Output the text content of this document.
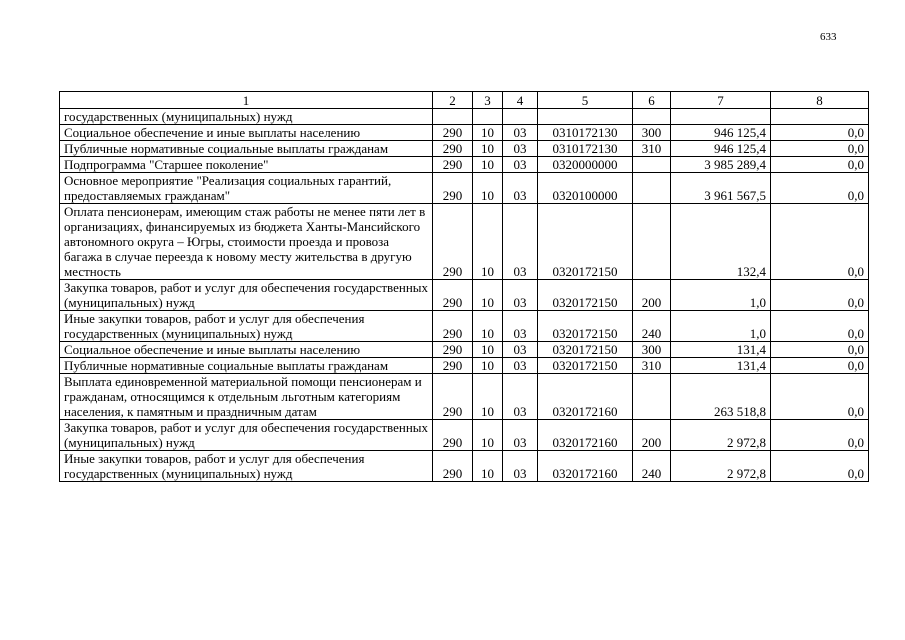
633
1	2	3	4	5	6	7	8
государственных (муниципальных) нужд							
Социальное обеспечение и иные выплаты населению	290	10	03	0310172130	300	946 125,4	0,0
Публичные нормативные социальные выплаты гражданам	290	10	03	0310172130	310	946 125,4	0,0
Подпрограмма "Старшее поколение"	290	10	03	0320000000		3 985 289,4	0,0
Основное мероприятие "Реализация социальных гарантий, предоставляемых гражданам"	290	10	03	0320100000		3 961 567,5	0,0
Оплата пенсионерам, имеющим стаж работы не менее пяти лет в организациях, финансируемых из бюджета Ханты-Мансийского автономного округа – Югры, стоимости проезда и провоза багажа в случае переезда к новому месту жительства в другую местность	290	10	03	0320172150		132,4	0,0
Закупка товаров, работ и услуг для обеспечения государственных (муниципальных) нужд	290	10	03	0320172150	200	1,0	0,0
Иные закупки товаров, работ и услуг для обеспечения государственных (муниципальных) нужд	290	10	03	0320172150	240	1,0	0,0
Социальное обеспечение и иные выплаты населению	290	10	03	0320172150	300	131,4	0,0
Публичные нормативные социальные выплаты гражданам	290	10	03	0320172150	310	131,4	0,0
Выплата единовременной материальной помощи пенсионерам и гражданам, относящимся к отдельным льготным категориям населения, к памятным и праздничным датам	290	10	03	0320172160		263 518,8	0,0
Закупка товаров, работ и услуг для обеспечения государственных (муниципальных) нужд	290	10	03	0320172160	200	2 972,8	0,0
Иные закупки товаров, работ и услуг для обеспечения государственных (муниципальных) нужд	290	10	03	0320172160	240	2 972,8	0,0
